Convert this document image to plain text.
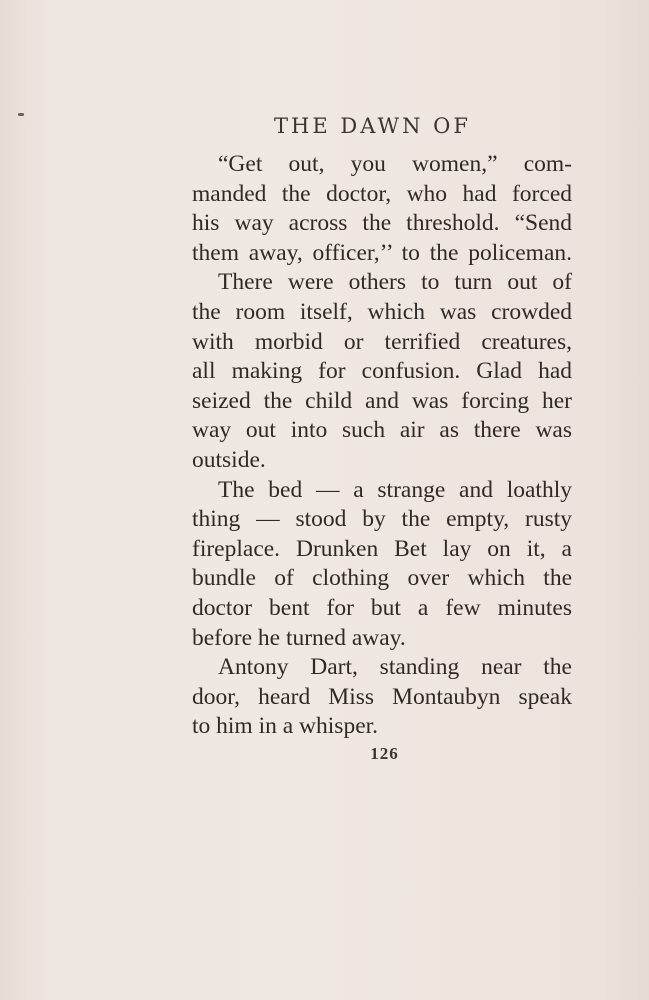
THE DAWN OF
“Get out, you women,” com-
manded the doctor, who had forced
his way across the threshold. “Send
them away, officer,’’ to the policeman.
There were others to turn out of
the room itself, which was crowded
with morbid or terrified creatures,
all making for confusion. Glad had
seized the child and was forcing her
way out into such air as there was
outside.
The bed — a strange and loathly
thing — stood by the empty, rusty
fireplace. Drunken Bet lay on it, a
bundle of clothing over which the
doctor bent for but a few minutes
before he turned away.
Antony Dart, standing near the
door, heard Miss Montaubyn speak
to him in a whisper.
126
